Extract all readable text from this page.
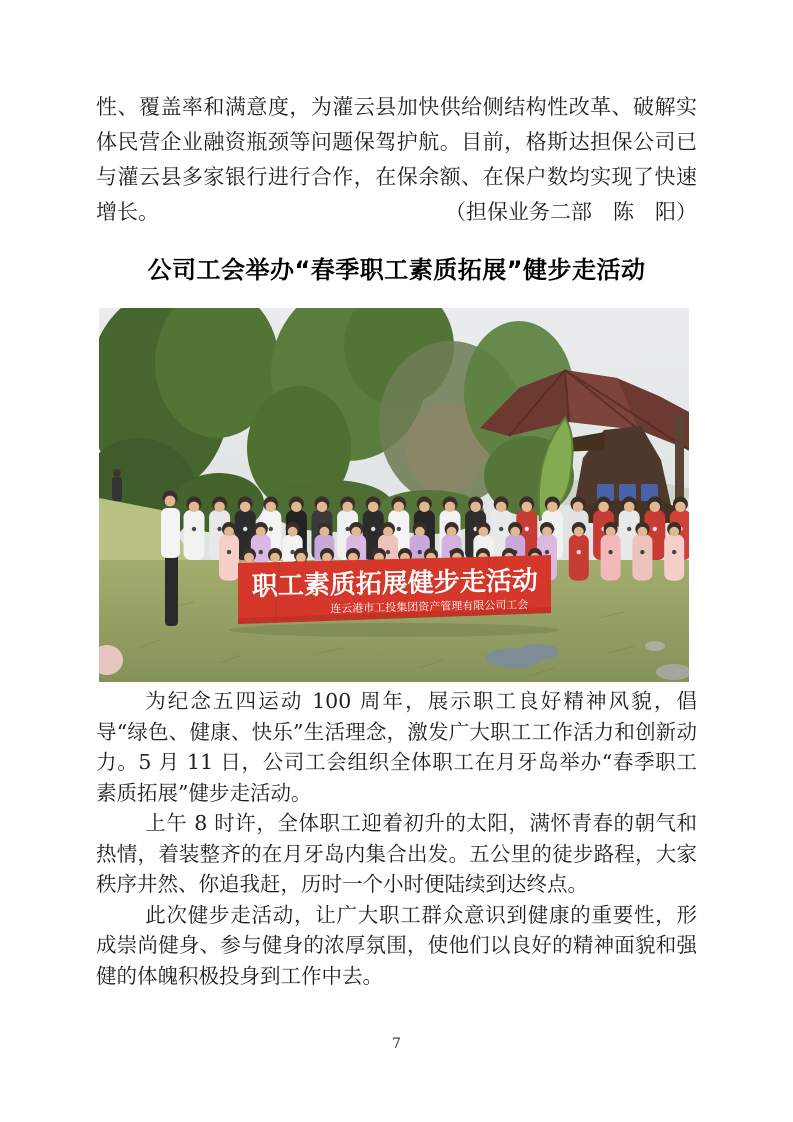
性、覆盖率和满意度，为灌云县加快供给侧结构性改革、破解实体民营企业融资瓶颈等问题保驾护航。目前，格斯达担保公司已与灌云县多家银行进行合作，在保余额、在保户数均实现了快速增长。	（担保业务二部　陈　阳）
公司工会举办“春季职工素质拓展”健步走活动
职工素质拓展健步走活动
连云港市工投集团资产管理有限公司工会

为纪念五四运动 100 周年，展示职工良好精神风貌，倡导“绿色、健康、快乐”生活理念，激发广大职工工作活力和创新动力。5 月 11 日，公司工会组织全体职工在月牙岛举办“春季职工素质拓展”健步走活动。

上午 8 时许，全体职工迎着初升的太阳，满怀青春的朝气和热情，着装整齐的在月牙岛内集合出发。五公里的徒步路程，大家秩序井然、你追我赶，历时一个小时便陆续到达终点。

此次健步走活动，让广大职工群众意识到健康的重要性，形成崇尚健身、参与健身的浓厚氛围，使他们以良好的精神面貌和强健的体魄积极投身到工作中去。

7
